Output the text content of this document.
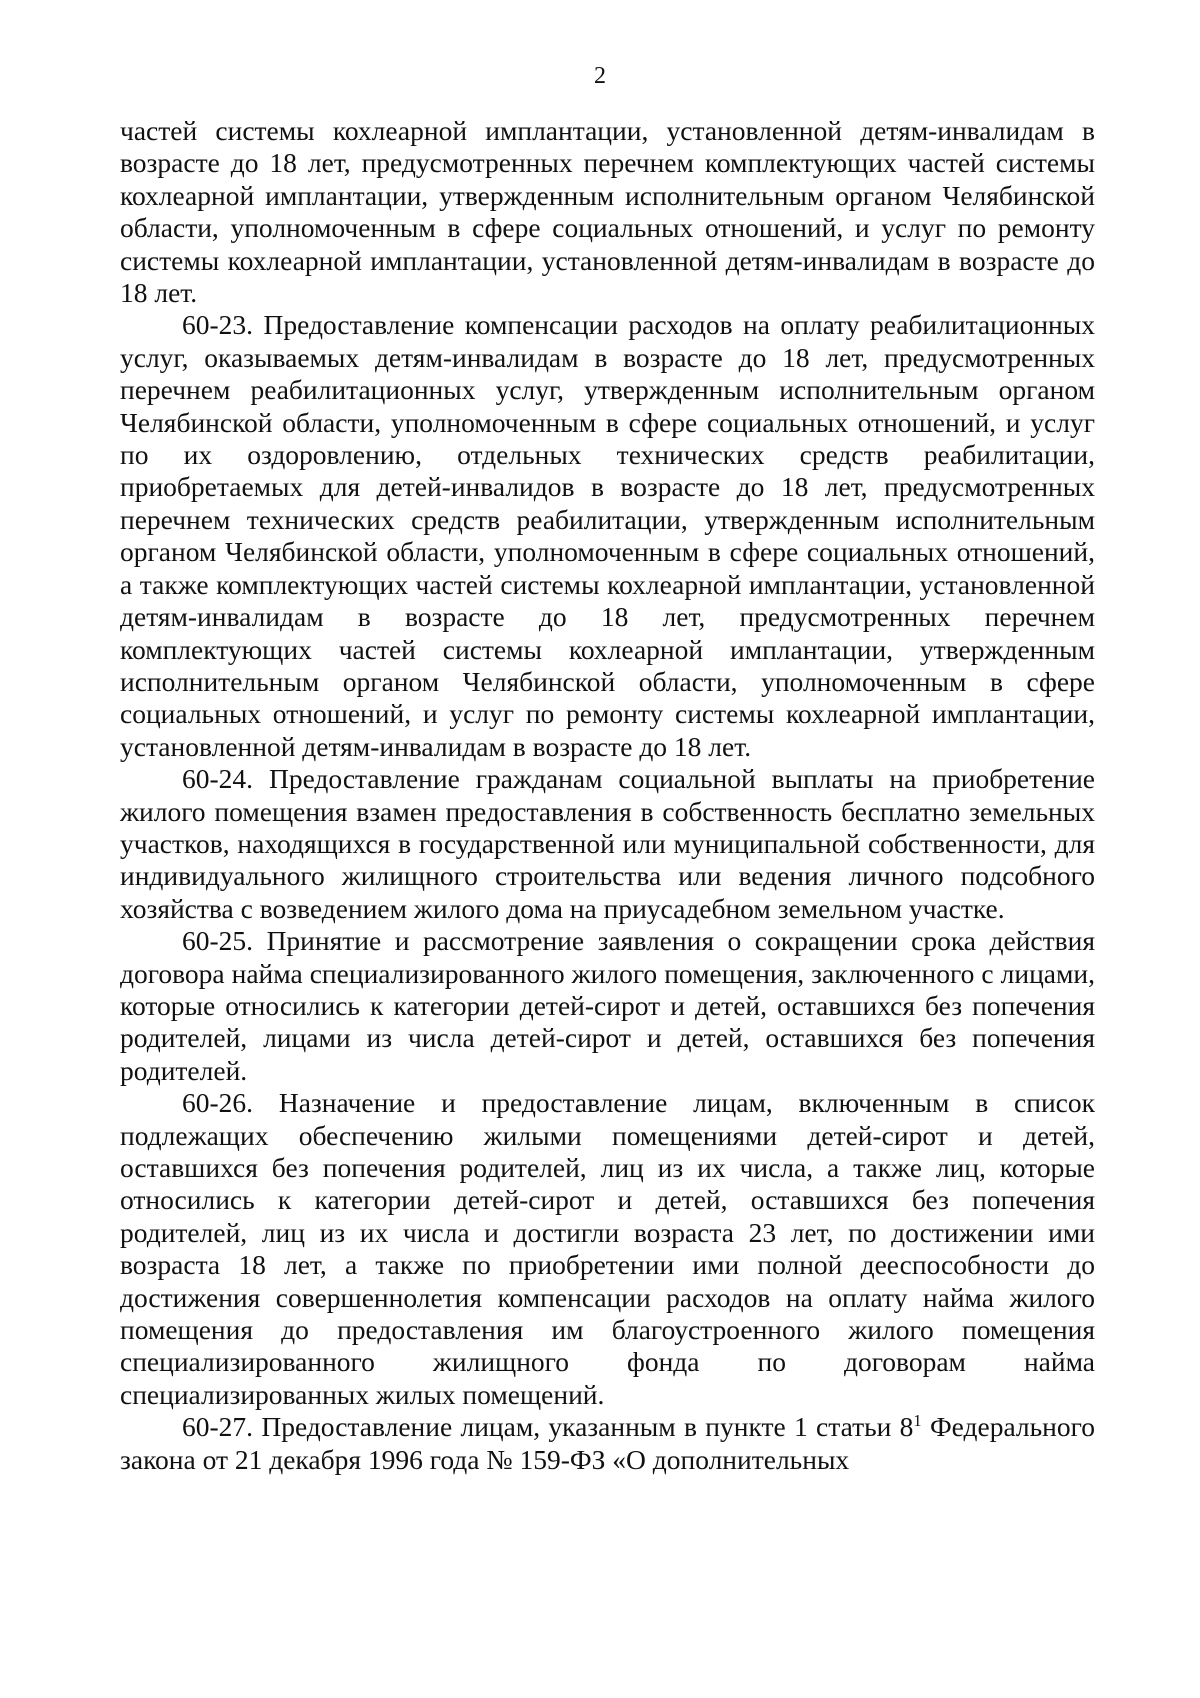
2

частей системы кохлеарной имплантации, установленной детям-инвалидам в возрасте до 18 лет, предусмотренных перечнем комплектующих частей системы кохлеарной имплантации, утвержденным исполнительным органом Челябинской области, уполномоченным в сфере социальных отношений, и услуг по ремонту системы кохлеарной имплантации, установленной детям-инвалидам в возрасте до 18 лет.

60-23. Предоставление компенсации расходов на оплату реабилитационных услуг, оказываемых детям-инвалидам в возрасте до 18 лет, предусмотренных перечнем реабилитационных услуг, утвержденным исполнительным органом Челябинской области, уполномоченным в сфере социальных отношений, и услуг по их оздоровлению, отдельных технических средств реабилитации, приобретаемых для детей-инвалидов в возрасте до 18 лет, предусмотренных перечнем технических средств реабилитации, утвержденным исполнительным органом Челябинской области, уполномоченным в сфере социальных отношений, а также комплектующих частей системы кохлеарной имплантации, установленной детям-инвалидам в возрасте до 18 лет, предусмотренных перечнем комплектующих частей системы кохлеарной имплантации, утвержденным исполнительным органом Челябинской области, уполномоченным в сфере социальных отношений, и услуг по ремонту системы кохлеарной имплантации, установленной детям-инвалидам в возрасте до 18 лет.

60-24. Предоставление гражданам социальной выплаты на приобретение жилого помещения взамен предоставления в собственность бесплатно земельных участков, находящихся в государственной или муниципальной собственности, для индивидуального жилищного строительства или ведения личного подсобного хозяйства с возведением жилого дома на приусадебном земельном участке.

60-25. Принятие и рассмотрение заявления о сокращении срока действия договора найма специализированного жилого помещения, заключенного с лицами, которые относились к категории детей-сирот и детей, оставшихся без попечения родителей, лицами из числа детей-сирот и детей, оставшихся без попечения родителей.

60-26. Назначение и предоставление лицам, включенным в список подлежащих обеспечению жилыми помещениями детей-сирот и детей, оставшихся без попечения родителей, лиц из их числа, а также лиц, которые относились к категории детей-сирот и детей, оставшихся без попечения родителей, лиц из их числа и достигли возраста 23 лет, по достижении ими возраста 18 лет, а также по приобретении ими полной дееспособности до достижения совершеннолетия компенсации расходов на оплату найма жилого помещения до предоставления им благоустроенного жилого помещения специализированного жилищного фонда по договорам найма специализированных жилых помещений.

60-27. Предоставление лицам, указанным в пункте 1 статьи $8^1$ Федерального закона от 21 декабря 1996 года № 159-ФЗ «О дополнительных
